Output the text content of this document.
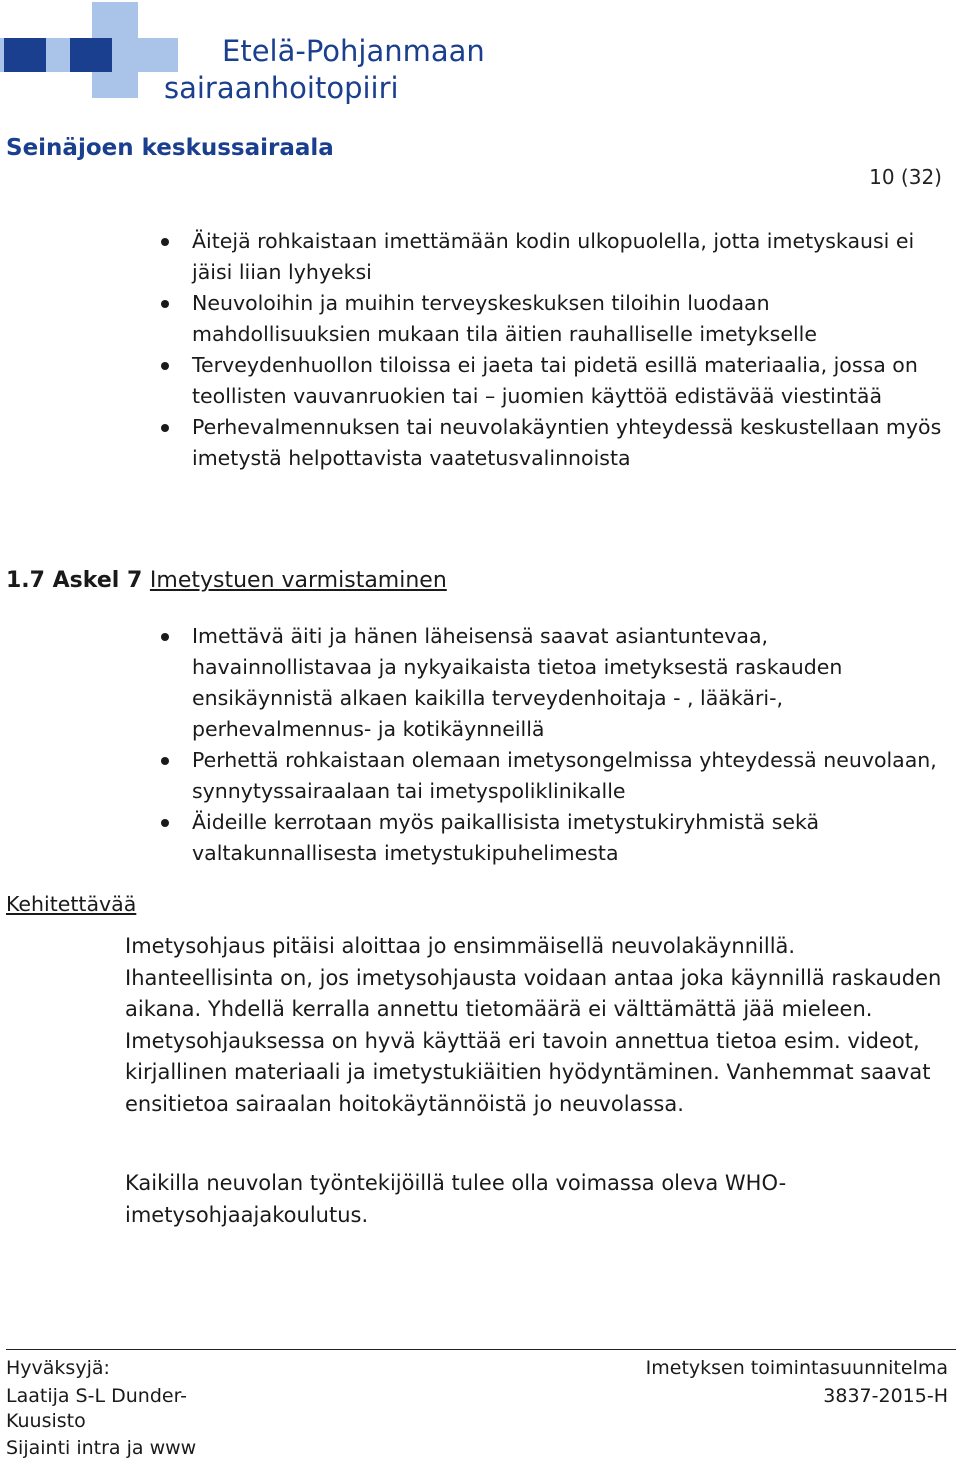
Etelä-Pohjanmaan
sairaanhoitopiiri
Seinäjoen keskussairaala
10 (32)
Äitejä rohkaistaan imettämään kodin ulkopuolella, jotta imetyskausi ei jäisi liian lyhyeksi
Neuvoloihin ja muihin terveyskeskuksen tiloihin luodaan mahdollisuuksien mukaan tila äitien rauhalliselle imetykselle
Terveydenhuollon tiloissa ei jaeta tai pidetä esillä materiaalia, jossa on teollisten vauvanruokien tai – juomien käyttöä edistävää viestintää
Perhevalmennuksen tai neuvolakäyntien yhteydessä keskustellaan myös imetystä helpottavista vaatetusvalinnoista
1.7 Askel 7 Imetystuen varmistaminen
Imettävä äiti ja hänen läheisensä saavat asiantuntevaa, havainnollistavaa ja nykyaikaista tietoa imetyksestä raskauden ensikäynnistä alkaen kaikilla terveydenhoitaja - , lääkäri-, perhevalmennus- ja kotikäynneillä
Perhettä rohkaistaan olemaan imetysongelmissa yhteydessä neuvolaan, synnytyssairaalaan tai imetyspoliklinikalle
Äideille kerrotaan myös paikallisista imetystukiryhmistä sekä valtakunnallisesta imetystukipuhelimesta
Kehitettävää

Imetysohjaus pitäisi aloittaa jo ensimmäisellä neuvolakäynnillä. Ihanteellisinta on, jos imetysohjausta voidaan antaa joka käynnillä raskauden aikana. Yhdellä kerralla annettu tietomäärä ei välttämättä jää mieleen. Imetysohjauksessa on hyvä käyttää eri tavoin annettua tietoa esim. videot, kirjallinen materiaali ja imetystukiäitien hyödyntäminen. Vanhemmat saavat ensitietoa sairaalan hoitokäytännöistä jo neuvolassa.

Kaikilla neuvolan työntekijöillä tulee olla voimassa oleva WHO-imetysohjaajakoulutus.

Hyväksyjä:
Laatija S-L Dunder-
Kuusisto
Sijainti intra ja www
Imetyksen toimintasuunnitelma
3837-2015-H
